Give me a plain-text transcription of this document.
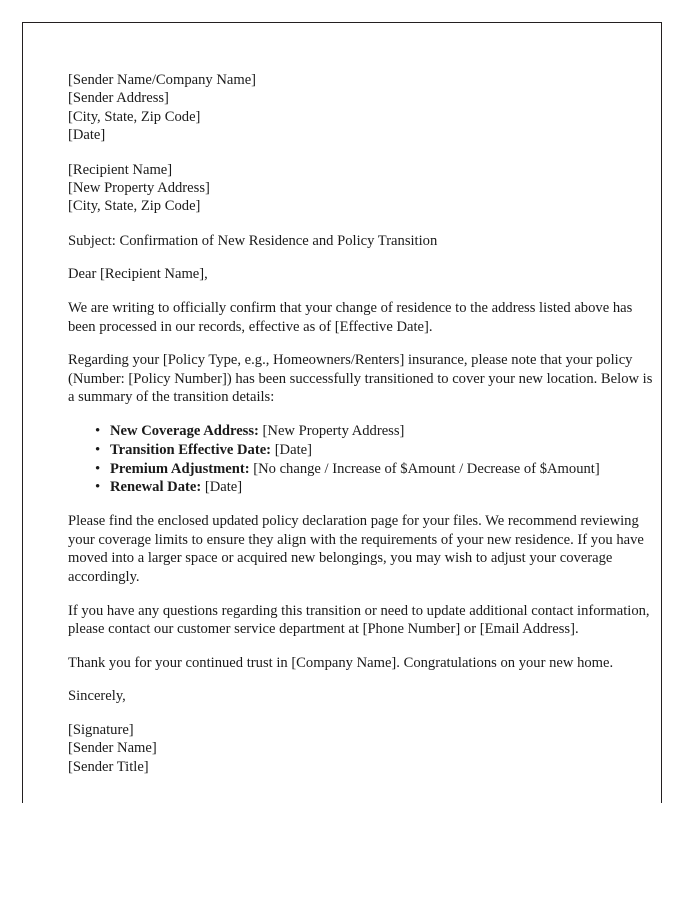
[Sender Name/Company Name]
[Sender Address]
[City, State, Zip Code]
[Date]
[Recipient Name]
[New Property Address]
[City, State, Zip Code]

Subject: Confirmation of New Residence and Policy Transition

Dear [Recipient Name],

We are writing to officially confirm that your change of residence to the address listed above has been processed in our records, effective as of [Effective Date].

Regarding your [Policy Type, e.g., Homeowners/Renters] insurance, please note that your policy (Number: [Policy Number]) has been successfully transitioned to cover your new location. Below is a summary of the transition details:

• New Coverage Address: [New Property Address]
• Transition Effective Date: [Date]
• Premium Adjustment: [No change / Increase of $Amount / Decrease of $Amount]
• Renewal Date: [Date]

Please find the enclosed updated policy declaration page for your files. We recommend reviewing your coverage limits to ensure they align with the requirements of your new residence. If you have moved into a larger space or acquired new belongings, you may wish to adjust your coverage accordingly.

If you have any questions regarding this transition or need to update additional contact information, please contact our customer service department at [Phone Number] or [Email Address].

Thank you for your continued trust in [Company Name]. Congratulations on your new home.

Sincerely,

[Signature]
[Sender Name]
[Sender Title]
